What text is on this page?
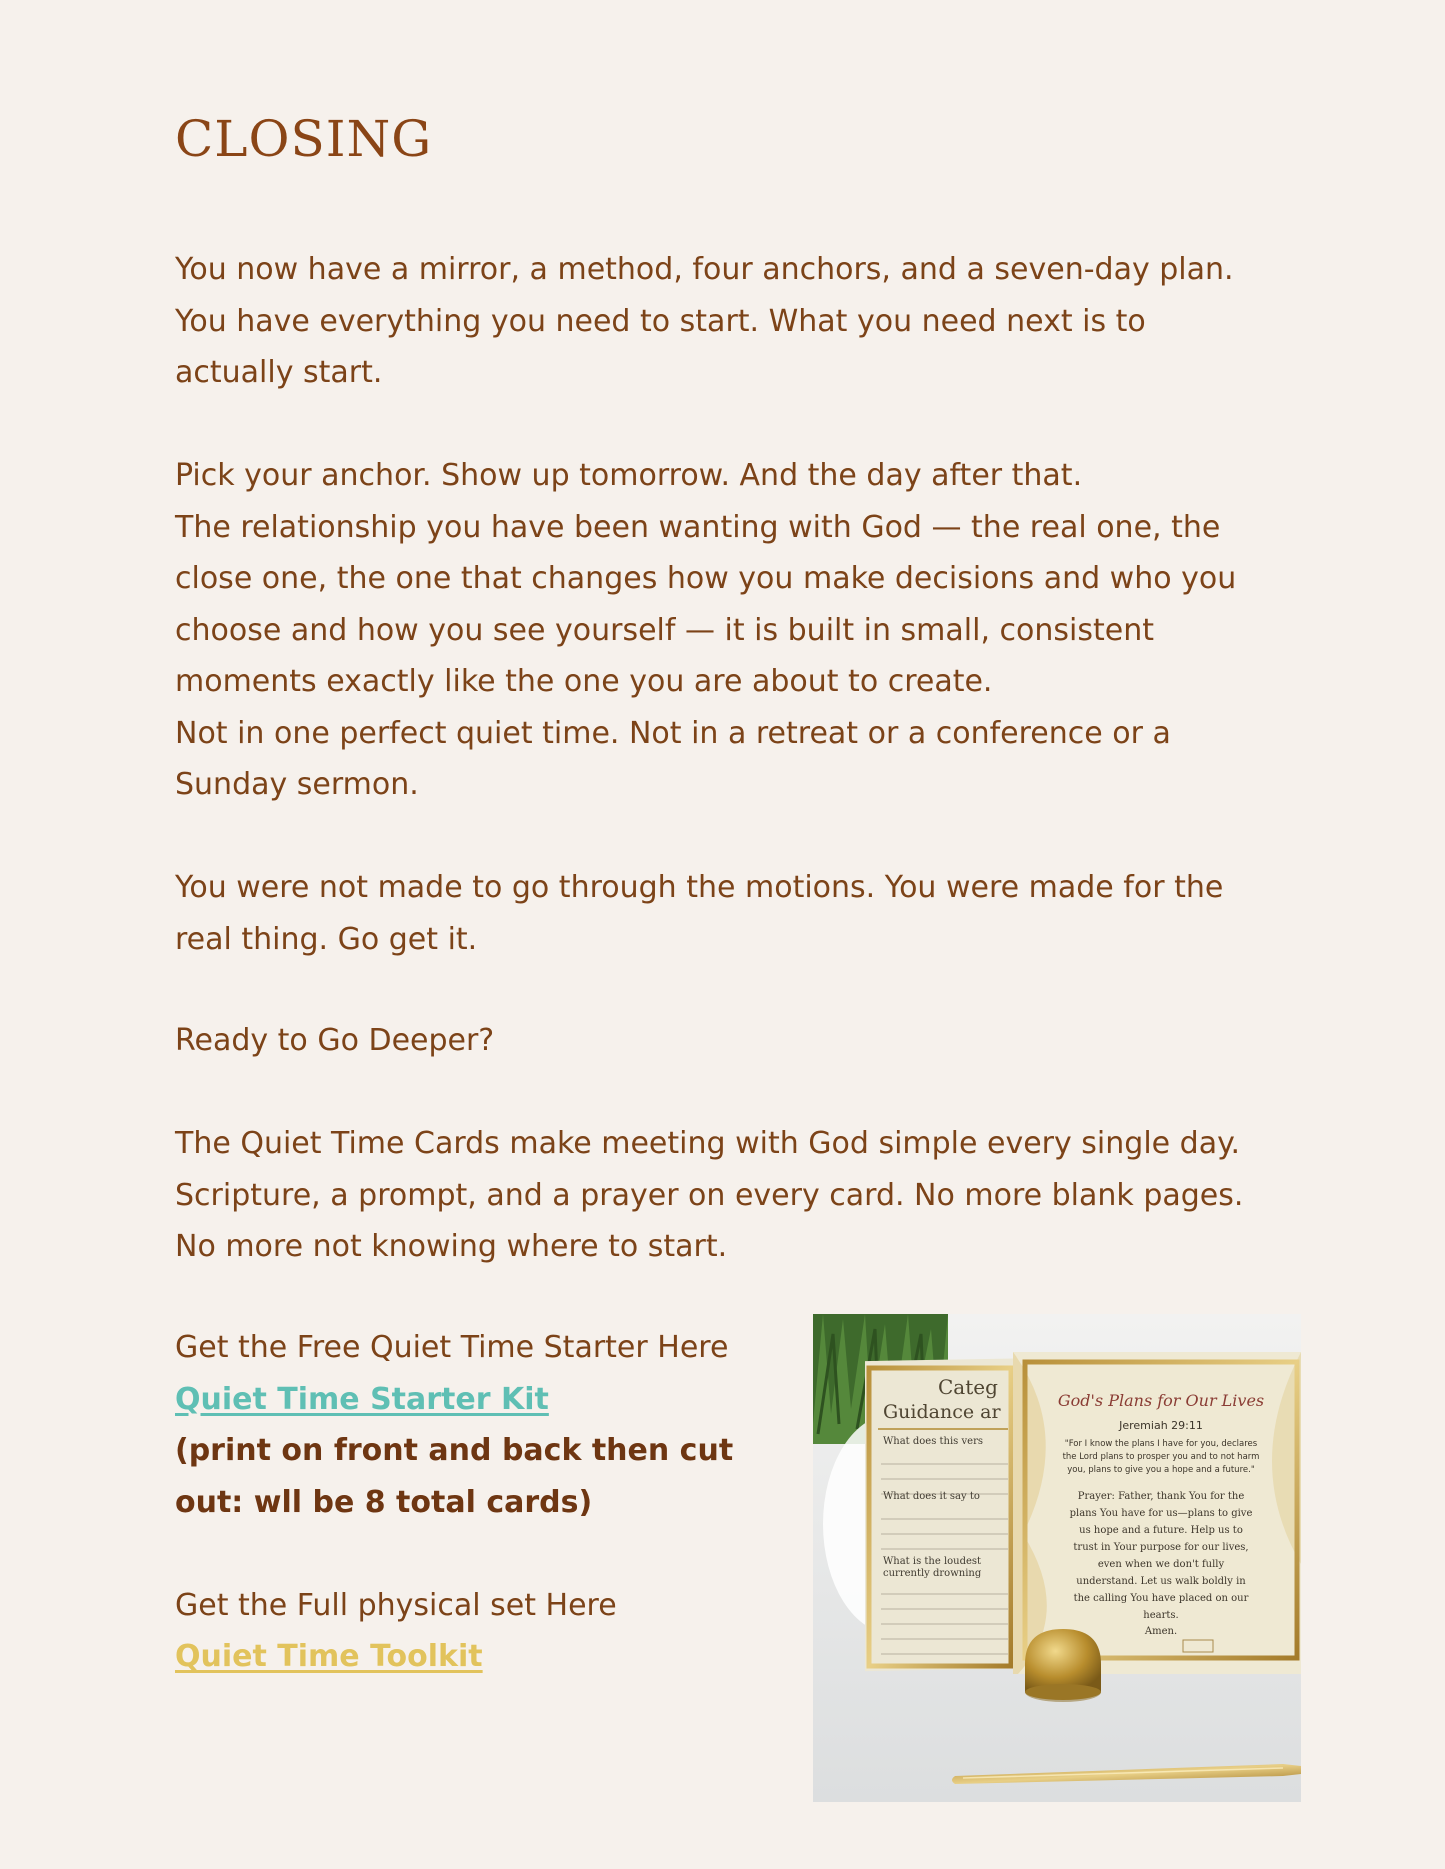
CLOSING

You now have a mirror, a method, four anchors, and a seven-day plan. You have everything you need to start. What you need next is to actually start.

Pick your anchor. Show up tomorrow. And the day after that.

The relationship you have been wanting with God — the real one, the close one, the one that changes how you make decisions and who you choose and how you see yourself — it is built in small, consistent moments exactly like the one you are about to create.

Not in one perfect quiet time. Not in a retreat or a conference or a Sunday sermon.

You were not made to go through the motions. You were made for the real thing. Go get it.

Ready to Go Deeper?

The Quiet Time Cards make meeting with God simple every single day. Scripture, a prompt, and a prayer on every card. No more blank pages. No more not knowing where to start.

Get the Free Quiet Time Starter Here

Quiet Time Starter Kit

(print on front and back then cut out: wll be 8 total cards)

Get the Full physical set Here

Quiet Time Toolkit

Categ
Guidance ar
What does this vers
What does it say to
What is the loudest
currently drowning
God's Plans for Our Lives
Jeremiah 29:11
"For I know the plans I have for you, declares
the Lord plans to prosper you and to not harm
you, plans to give you a hope and a future."
Prayer: Father, thank You for the
plans You have for us—plans to give
us hope and a future. Help us to
trust in Your purpose for our lives,
even when we don't fully
understand. Let us walk boldly in
the calling You have placed on our
hearts.
Amen.
